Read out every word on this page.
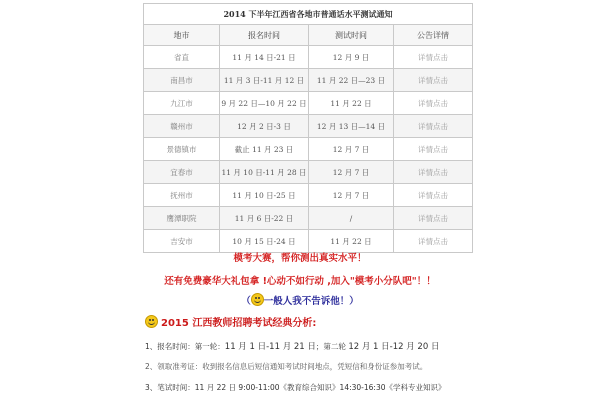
2014 下半年江西省各地市普通话水平测试通知			
地市	报名时间	测试时间	公告详情
省直	11 月 14 日-21 日	12 月 9 日	详情点击
南昌市	11 月 3 日-11 月 12 日	11 月 22 日—23 日	详情点击
九江市	9 月 22 日—10 月 22 日	11 月 22 日	详情点击
赣州市	12 月 2 日-3 日	12 月 13 日—14 日	详情点击
景德镇市	截止 11 月 23 日	12 月 7 日	详情点击
宜春市	11 月 10 日-11 月 28 日	12 月 7 日	详情点击
抚州市	11 月 10 日-25 日	12 月 7 日	详情点击
鹰潭职院	11 月 6 日-22 日	/	详情点击
吉安市	10 月 15 日-24 日	11 月 22 日	详情点击
模考大赛，帮你测出真实水平！
还有免费豪华大礼包拿 !心动不如行动 ,加入"模考小分队吧"！！
（ 一般人我不告诉他！）
2015 江西教师招聘考试经典分析:
1、报名时间：第一轮：11 月 1 日-11 月 21 日；第二轮 12 月 1 日-12 月 20 日
2、领取准考证：收到报名信息后短信通知考试时间地点，凭短信和身份证参加考试。
3、笔试时间：11 月 22 日 9:00-11:00《教育综合知识》14:30-16:30《学科专业知识》
